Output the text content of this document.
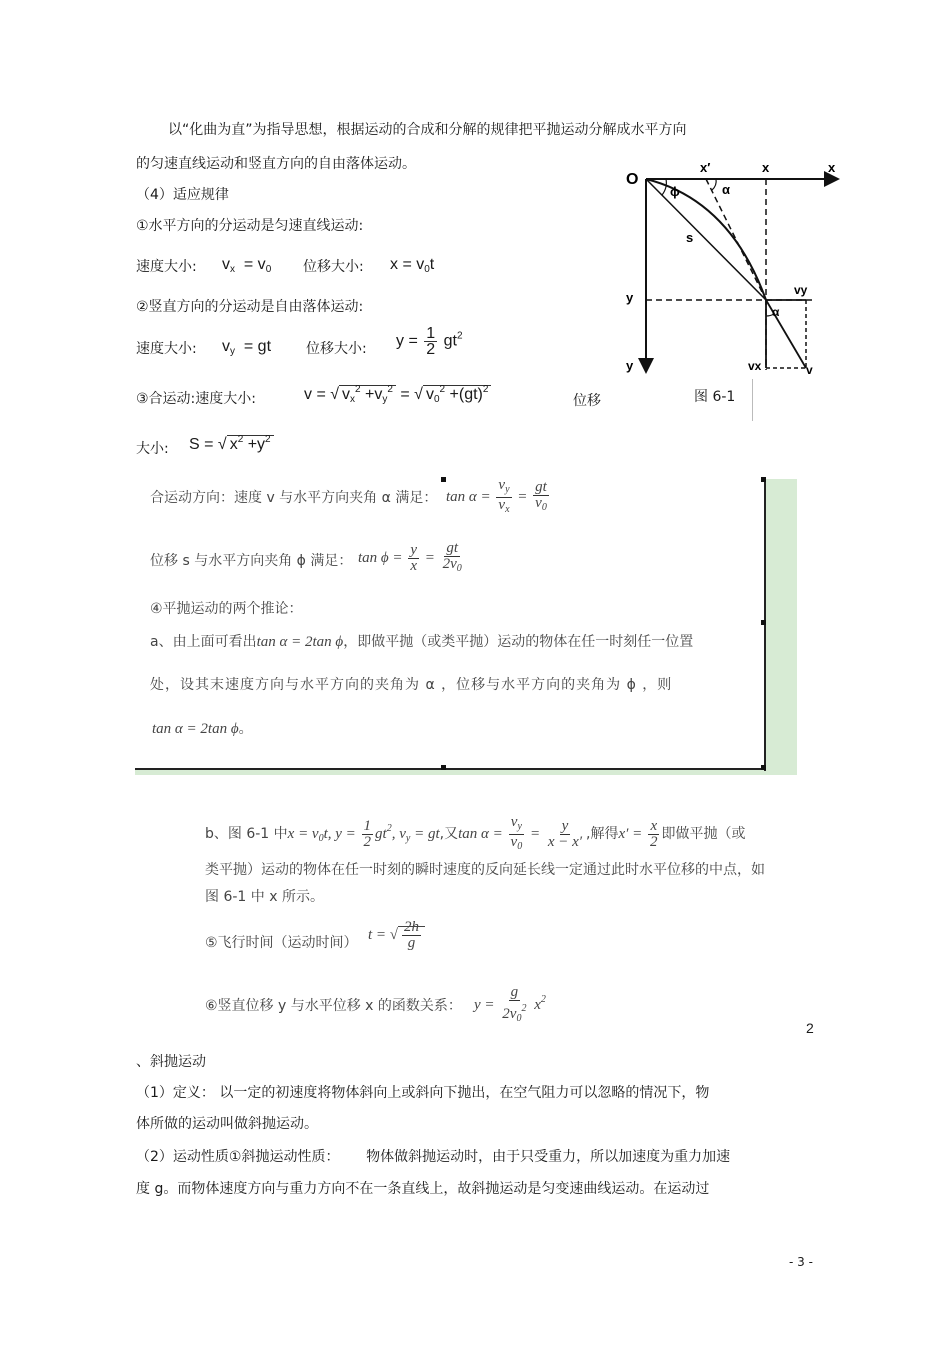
以“化曲为直”为指导思想，根据运动的合成和分解的规律把平抛运动分解成水平方向
的匀速直线运动和竖直方向的自由落体运动。
（4）适应规律
①水平方向的分运动是匀速直线运动:
速度大小: $v_x = v_0$ 位移大小: $x = v_0t$
②竖直方向的分运动是自由落体运动:
速度大小: $v_y$  = gt 位移大小: $y = \frac{1}{2} gt^2$
③合运动:速度大小:	v = √ $v_x^2 +v_y^2$ = √ $v_0^2 +(gt)^2$
位移
大小: S = √ $x^2 +y^2$
O
x′	x	x
α
ϕ
s
y
y
vy
α
vx	v
图 6-1
合运动方向：速度 v 与水平方向夹角 α 满足： $\tan \alpha = \frac{v_y}{v_x} = \frac{gt}{v_0}$
位移 s 与水平方向夹角 ϕ 满足： $\tan \phi = \frac{y}{x} = \frac{gt}{2v_0}$
④平抛运动的两个推论：
a、由上面可看出tan α = 2tan ϕ，即做平抛（或类平抛）运动的物体在任一时刻任一位置
处，设其末速度方向与水平方向的夹角为 α ，位移与水平方向的夹角为 ϕ ，则
tan α = 2tan ϕ。
b、图 6-1 中$x = v_0t$, $y = \frac{1}{2} gt^2$, $v_y$ = gt,又$\tan \alpha = \frac{v_y}{v_0} = \frac{y}{x - x'}$ ,解得$x' = \frac{x}{2}$ 即做平抛（或
类平抛）运动的物体在任一时刻的瞬时速度的反向延长线一定通过此时水平位移的中点，如
图 6-1 中 x 所示。
⑤飞行时间（运动时间）
t = √ $\frac{2h}{g}$
⑥竖直位移 y 与水平位移 x 的函数关系： $y = \frac{g}{2v_0^2} x^2$
2
、斜抛运动
（1）定义： 以一定的初速度将物体斜向上或斜向下抛出，在空气阻力可以忽略的情况下，物
体所做的运动叫做斜抛运动。
（2）运动性质①斜抛运动性质：      物体做斜抛运动时，由于只受重力，所以加速度为重力加速
度 g。而物体速度方向与重力方向不在一条直线上，故斜抛运动是匀变速曲线运动。在运动过
- 3 -
